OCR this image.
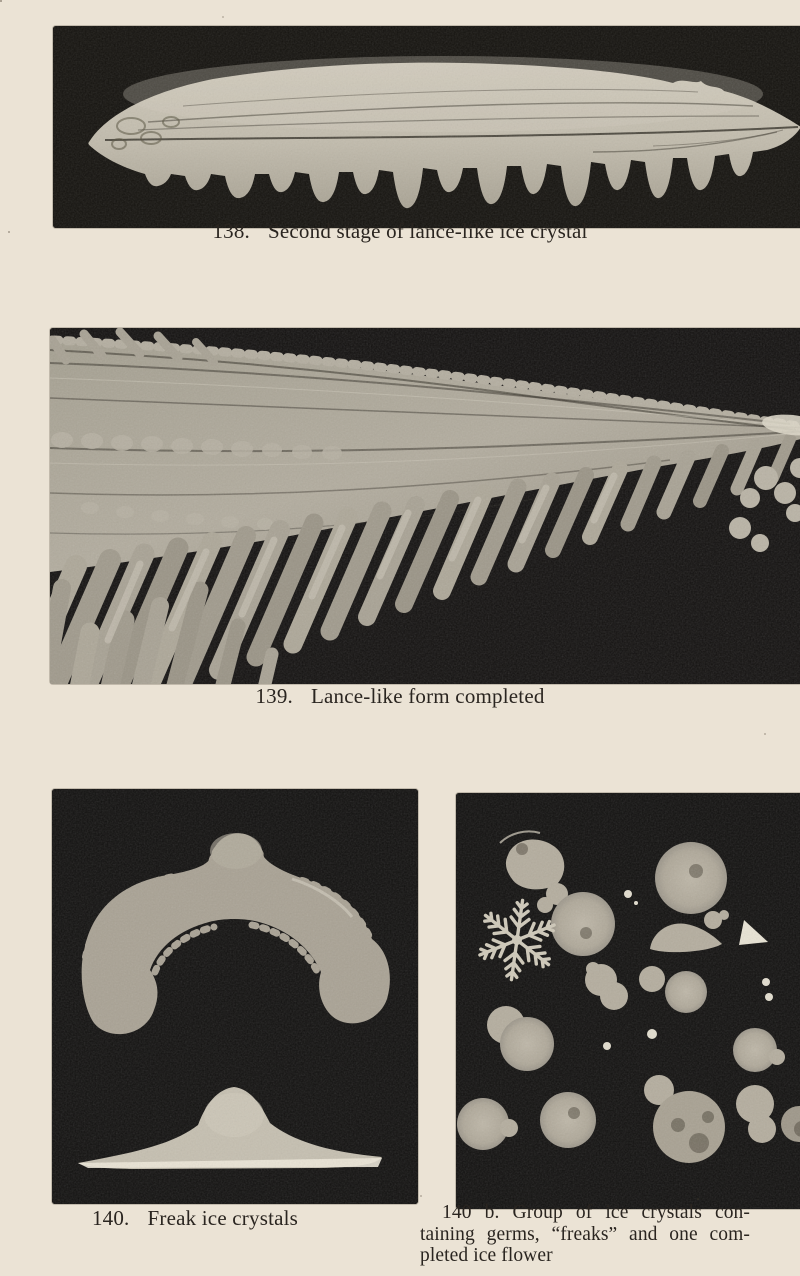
138. Second stage of lance-like ice crystal
139. Lance-like form completed
140. Freak ice crystals	140 b. Group of ice crystals con-
taining germs, “freaks” and one com-
pleted ice flower
